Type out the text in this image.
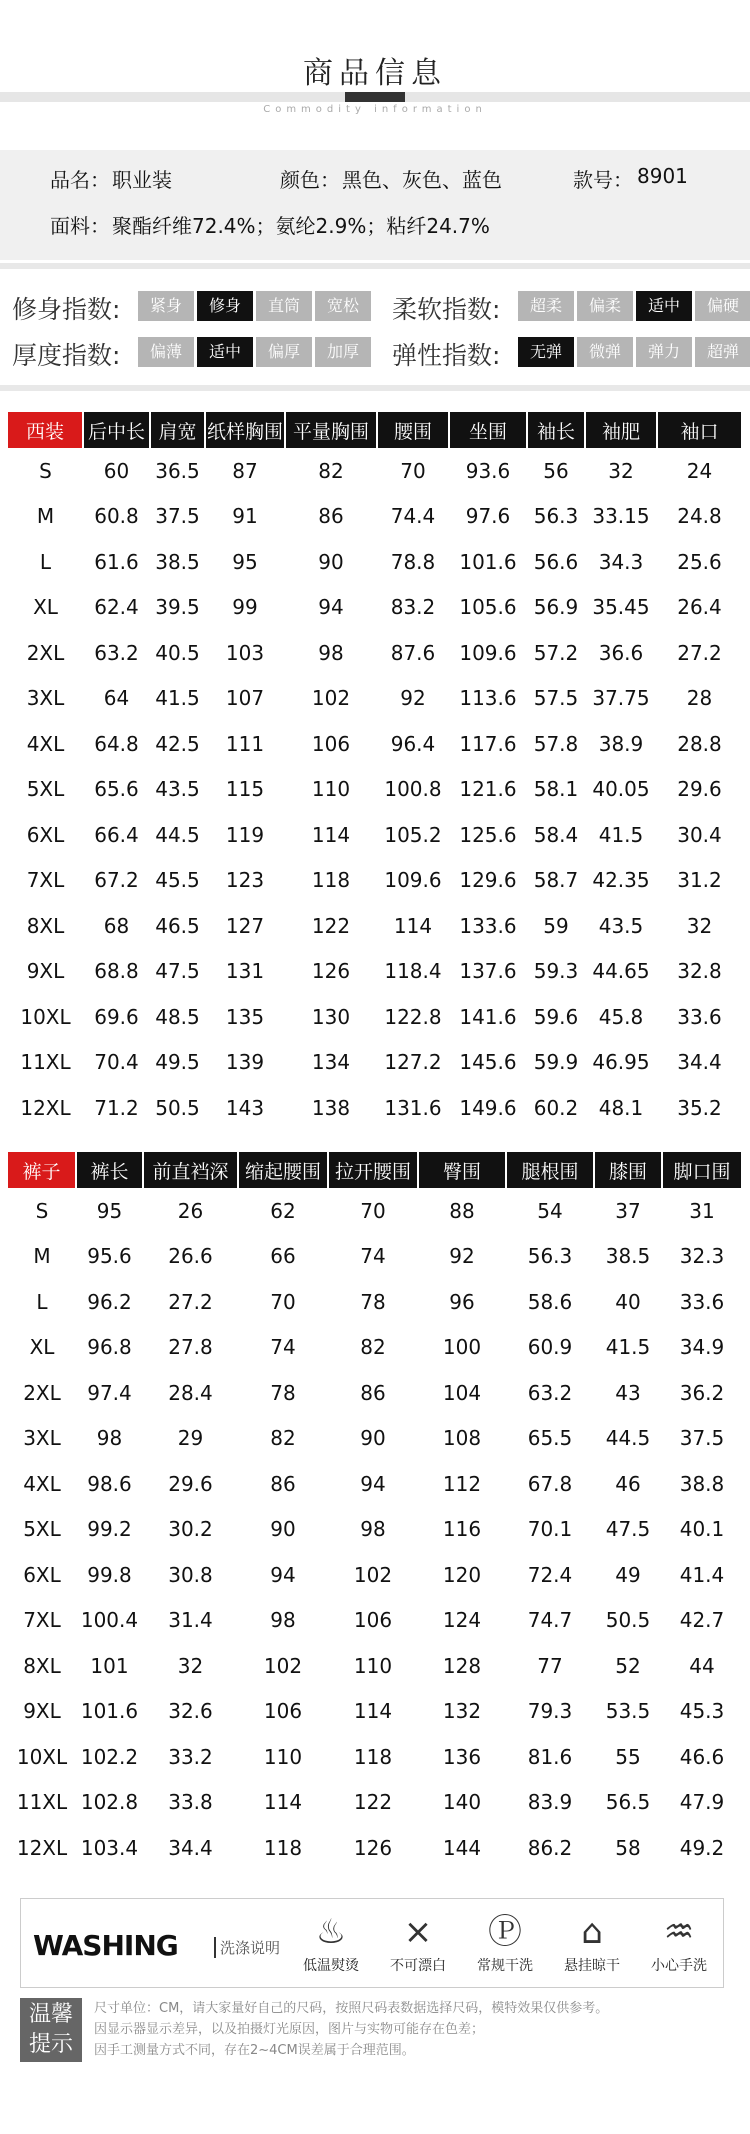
商品信息
Commodity information
品名： 职业装	颜色： 黑色、灰色、蓝色	款号： 8901
面料： 聚酯纤维72.4%；氨纶2.9%；粘纤24.7%
修身指数:	紧身	修身	直筒	宽松	柔软指数:	超柔	偏柔	适中	偏硬
厚度指数:	偏薄	适中	偏厚	加厚	弹性指数:	无弹	微弹	弹力	超弹
西装	后中长	肩宽	纸样胸围	平量胸围	腰围	坐围	袖长	袖肥	袖口
S	60	36.5	87	82	70	93.6	56	32	24
M	60.8	37.5	91	86	74.4	97.6	56.3	33.15	24.8
L	61.6	38.5	95	90	78.8	101.6	56.6	34.3	25.6
XL	62.4	39.5	99	94	83.2	105.6	56.9	35.45	26.4
2XL	63.2	40.5	103	98	87.6	109.6	57.2	36.6	27.2
3XL	64	41.5	107	102	92	113.6	57.5	37.75	28
4XL	64.8	42.5	111	106	96.4	117.6	57.8	38.9	28.8
5XL	65.6	43.5	115	110	100.8	121.6	58.1	40.05	29.6
6XL	66.4	44.5	119	114	105.2	125.6	58.4	41.5	30.4
7XL	67.2	45.5	123	118	109.6	129.6	58.7	42.35	31.2
8XL	68	46.5	127	122	114	133.6	59	43.5	32
9XL	68.8	47.5	131	126	118.4	137.6	59.3	44.65	32.8
10XL	69.6	48.5	135	130	122.8	141.6	59.6	45.8	33.6
11XL	70.4	49.5	139	134	127.2	145.6	59.9	46.95	34.4
12XL	71.2	50.5	143	138	131.6	149.6	60.2	48.1	35.2
裤子	裤长	前直裆深	缩起腰围	拉开腰围	臀围	腿根围	膝围	脚口围
S	95	26	62	70	88	54	37	31
M	95.6	26.6	66	74	92	56.3	38.5	32.3
L	96.2	27.2	70	78	96	58.6	40	33.6
XL	96.8	27.8	74	82	100	60.9	41.5	34.9
2XL	97.4	28.4	78	86	104	63.2	43	36.2
3XL	98	29	82	90	108	65.5	44.5	37.5
4XL	98.6	29.6	86	94	112	67.8	46	38.8
5XL	99.2	30.2	90	98	116	70.1	47.5	40.1
6XL	99.8	30.8	94	102	120	72.4	49	41.4
7XL	100.4	31.4	98	106	124	74.7	50.5	42.7
8XL	101	32	102	110	128	77	52	44
9XL	101.6	32.6	106	114	132	79.3	53.5	45.3
10XL	102.2	33.2	110	118	136	81.6	55	46.6
11XL	102.8	33.8	114	122	140	83.9	56.5	47.9
12XL	103.4	34.4	118	126	144	86.2	58	49.2
WASHING	洗涤说明	♨
低温熨烫
⨯
不可漂白
Ⓟ
常规干洗
⌂
悬挂晾干
♒
小心手洗
温馨
提示
尺寸单位：CM，请大家量好自己的尺码，按照尺码表数据选择尺码，模特效果仅供参考。
因显示器显示差异，以及拍摄灯光原因，图片与实物可能存在色差；
因手工测量方式不同，存在2~4CM误差属于合理范围。
